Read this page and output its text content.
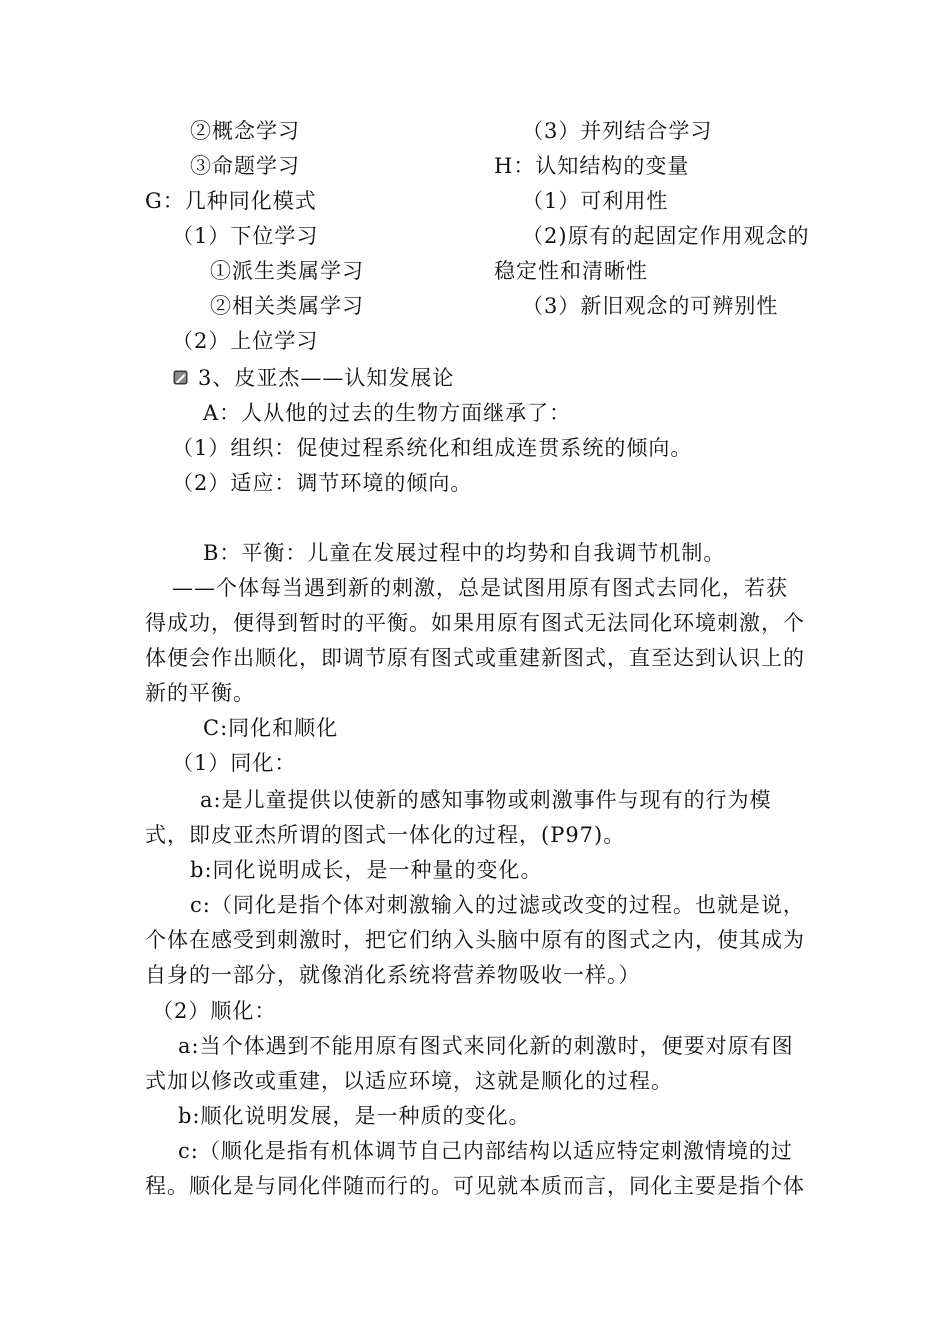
②概念学习
③命题学习
G：几种同化模式
（1）下位学习
①派生类属学习
②相关类属学习
（2）上位学习
（3）并列结合学习
H：认知结构的变量
（1）可利用性
（2)原有的起固定作用观念的
稳定性和清晰性
（3）新旧观念的可辨别性
3、皮亚杰——认知发展论
A：人从他的过去的生物方面继承了：
（1）组织：促使过程系统化和组成连贯系统的倾向。
（2）适应：调节环境的倾向。
B：平衡：儿童在发展过程中的均势和自我调节机制。
——个体每当遇到新的刺激，总是试图用原有图式去同化，若获
得成功，便得到暂时的平衡。如果用原有图式无法同化环境刺激，个
体便会作出顺化，即调节原有图式或重建新图式，直至达到认识上的
新的平衡。
C:同化和顺化
（1）同化：
a:是儿童提供以使新的感知事物或刺激事件与现有的行为模
式，即皮亚杰所谓的图式一体化的过程，(P97)。
b:同化说明成长，是一种量的变化。
c:（同化是指个体对刺激输入的过滤或改变的过程。也就是说，
个体在感受到刺激时，把它们纳入头脑中原有的图式之内，使其成为
自身的一部分，就像消化系统将营养物吸收一样。）
（2）顺化：
a:当个体遇到不能用原有图式来同化新的刺激时，便要对原有图
式加以修改或重建，以适应环境，这就是顺化的过程。
b:顺化说明发展，是一种质的变化。
c:（顺化是指有机体调节自己内部结构以适应特定刺激情境的过
程。顺化是与同化伴随而行的。可见就本质而言，同化主要是指个体
